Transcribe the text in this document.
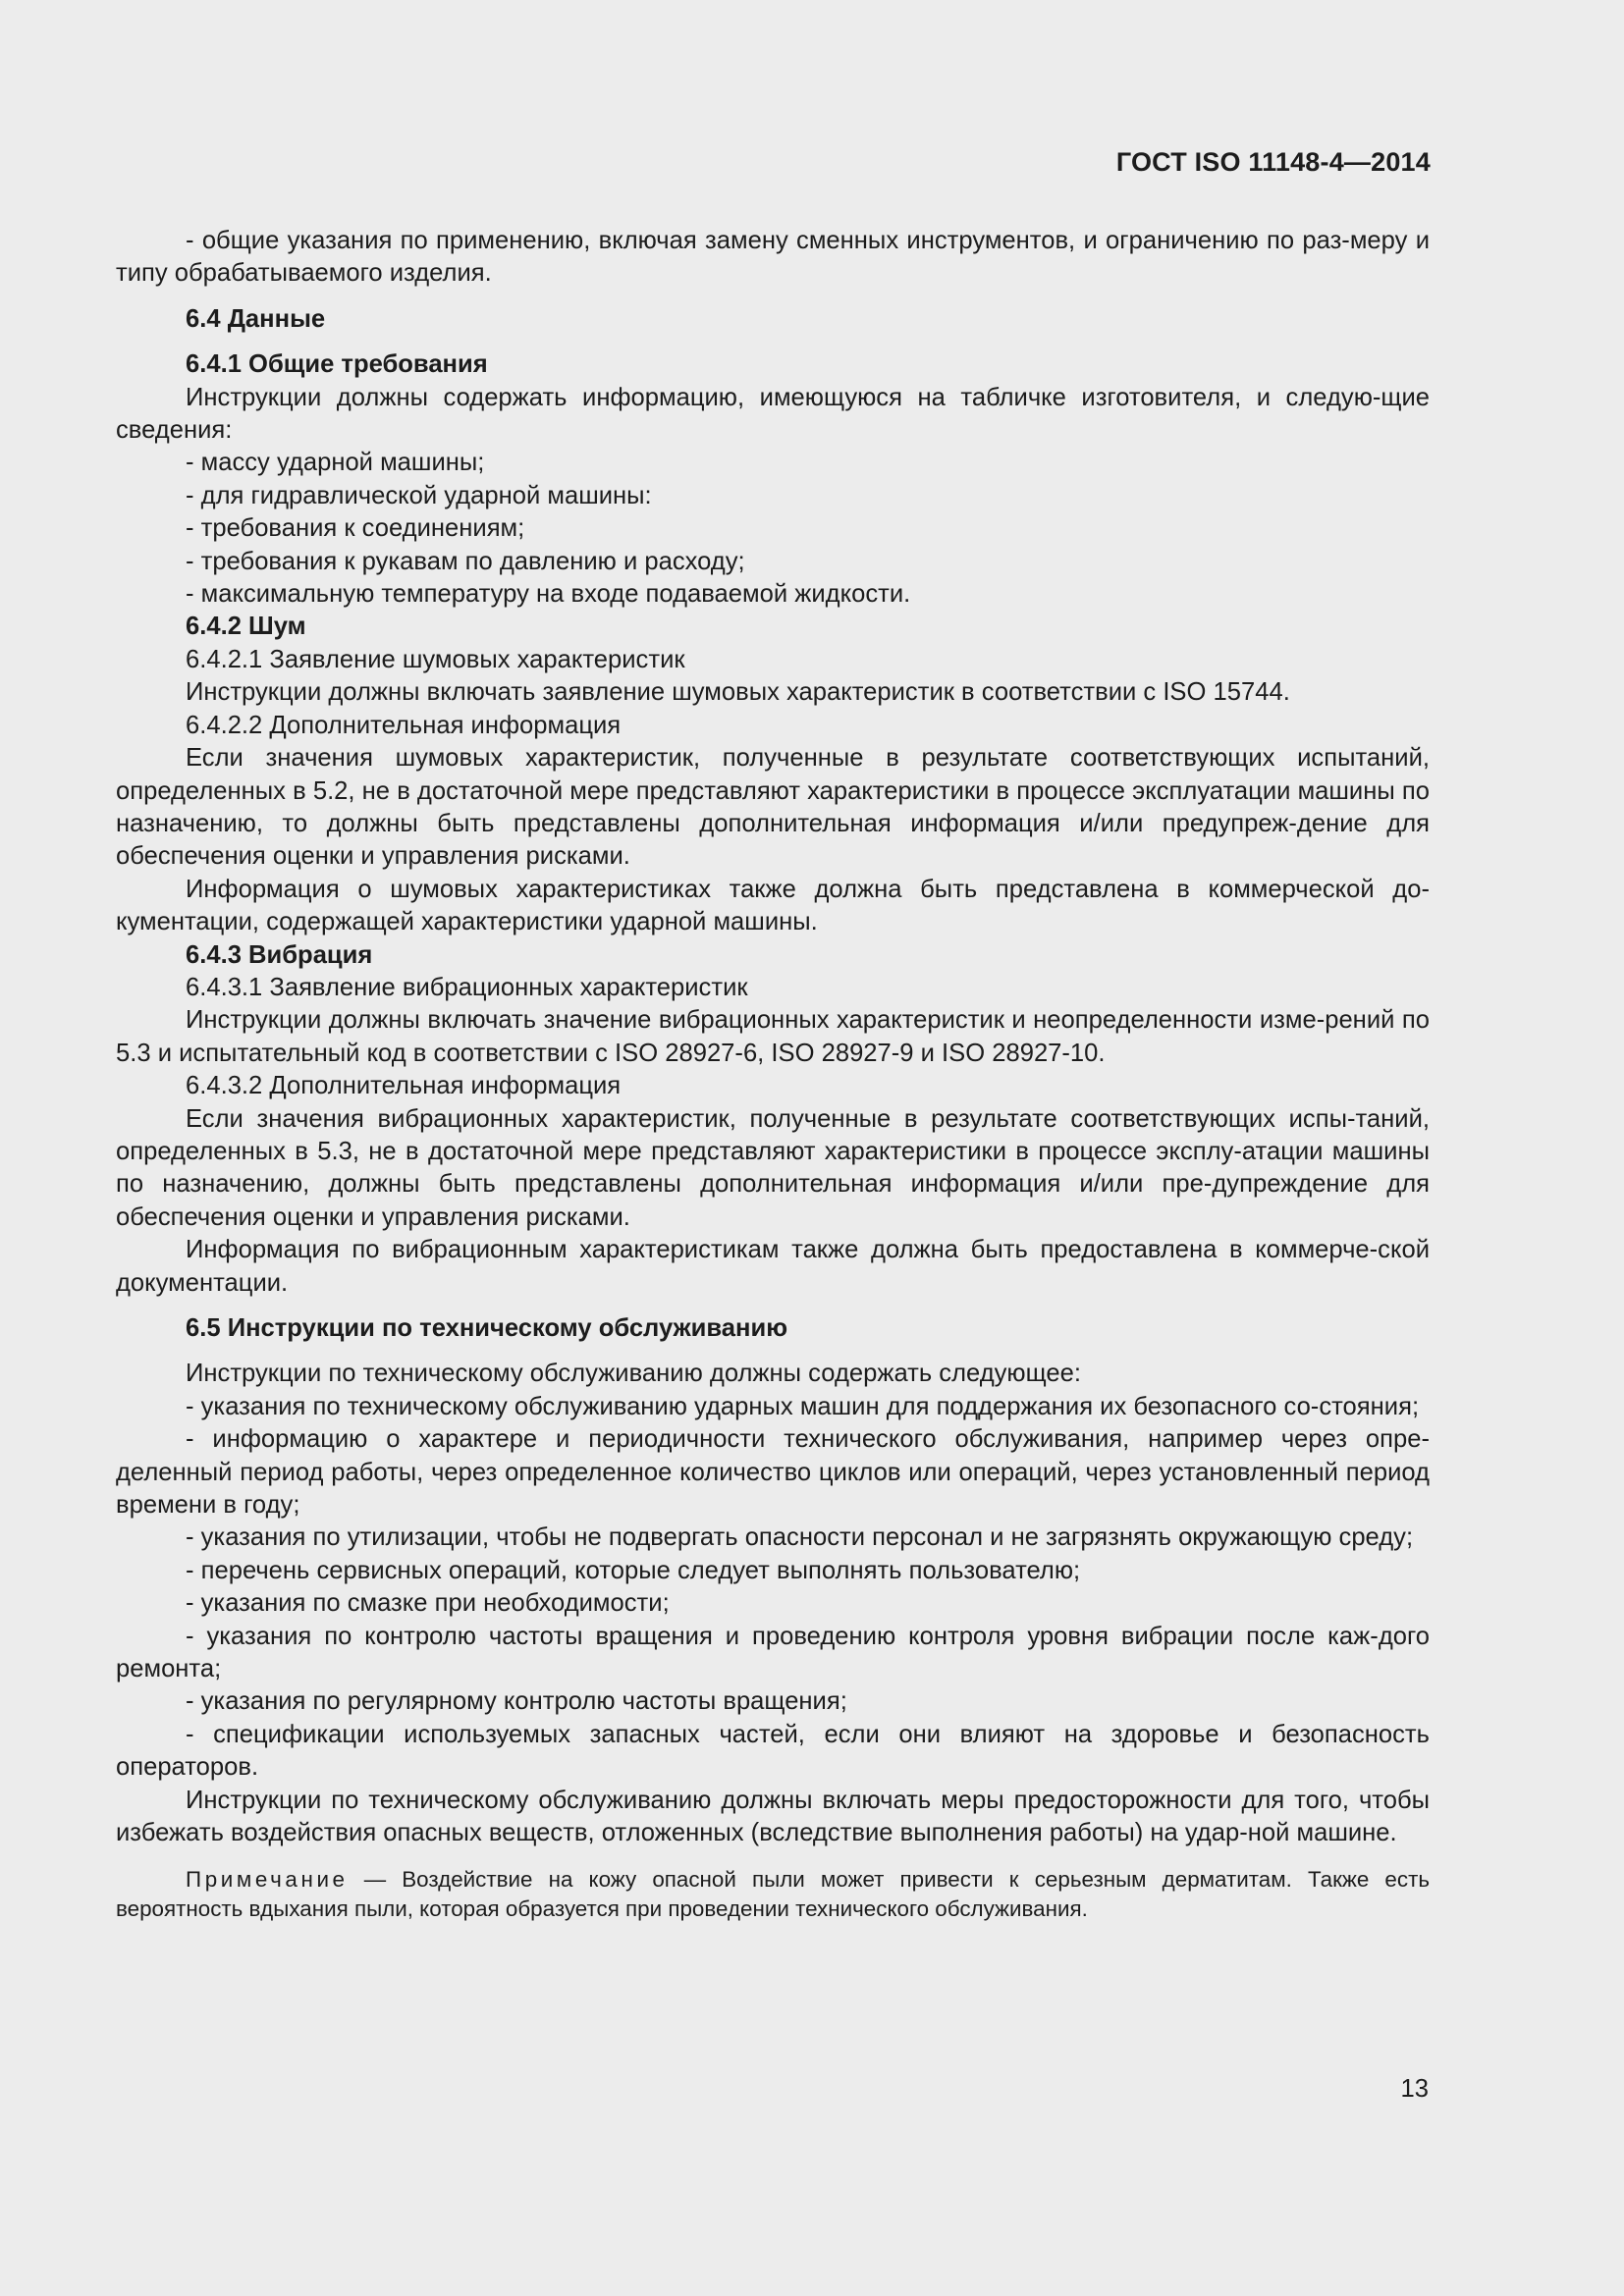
ГОСТ ISO 11148-4—2014

- общие указания по применению, включая замену сменных инструментов, и ограничению по раз-меру и типу обрабатываемого изделия.

6.4 Данные

6.4.1 Общие требования

Инструкции должны содержать информацию, имеющуюся на табличке изготовителя, и следую-щие сведения:

- массу ударной машины;

- для гидравлической ударной машины:

- требования к соединениям;

- требования к рукавам по давлению и расходу;

- максимальную температуру на входе подаваемой жидкости.

6.4.2 Шум

6.4.2.1 Заявление шумовых характеристик

Инструкции должны включать заявление шумовых характеристик в соответствии с ISO 15744.

6.4.2.2 Дополнительная информация

Если значения шумовых характеристик, полученные в результате соответствующих испытаний, определенных в 5.2, не в достаточной мере представляют характеристики в процессе эксплуатации машины по назначению, то должны быть представлены дополнительная информация и/или предупреж-дение для обеспечения оценки и управления рисками.

Информация о шумовых характеристиках также должна быть представлена в коммерческой до-кументации, содержащей характеристики ударной машины.

6.4.3 Вибрация

6.4.3.1 Заявление вибрационных характеристик

Инструкции должны включать значение вибрационных характеристик и неопределенности изме-рений по 5.3 и испытательный код в соответствии с ISO 28927-6, ISO 28927-9 и ISO 28927-10.

6.4.3.2 Дополнительная информация

Если значения вибрационных характеристик, полученные в результате соответствующих испы-таний, определенных в 5.3, не в достаточной мере представляют характеристики в процессе эксплу-атации машины по назначению, должны быть представлены дополнительная информация и/или пре-дупреждение для обеспечения оценки и управления рисками.

Информация по вибрационным характеристикам также должна быть предоставлена в коммерче-ской документации.

6.5 Инструкции по техническому обслуживанию

Инструкции по техническому обслуживанию должны содержать следующее:

- указания по техническому обслуживанию ударных машин для поддержания их безопасного со-стояния;

- информацию о характере и периодичности технического обслуживания, например через опре-деленный период работы, через определенное количество циклов или операций, через установленный период времени в году;

- указания по утилизации, чтобы не подвергать опасности персонал и не загрязнять окружающую среду;

- перечень сервисных операций, которые следует выполнять пользователю;

- указания по смазке при необходимости;

- указания по контролю частоты вращения и проведению контроля уровня вибрации после каж-дого ремонта;

- указания по регулярному контролю частоты вращения;

- спецификации используемых запасных частей, если они влияют на здоровье и безопасность операторов.

Инструкции по техническому обслуживанию должны включать меры предосторожности для того, чтобы избежать воздействия опасных веществ, отложенных (вследствие выполнения работы) на удар-ной машине.

Примечание — Воздействие на кожу опасной пыли может привести к серьезным дерматитам. Также есть вероятность вдыхания пыли, которая образуется при проведении технического обслуживания.

13
